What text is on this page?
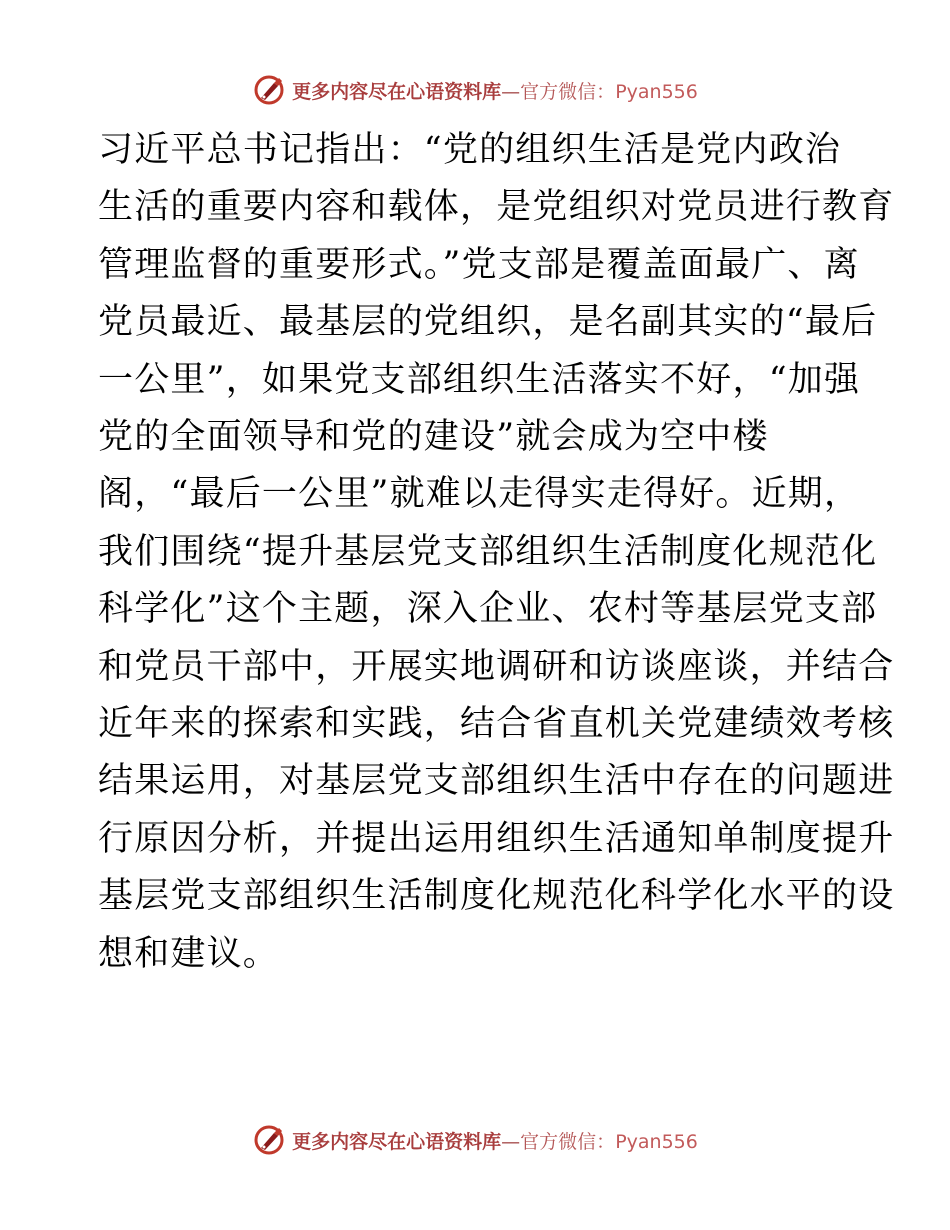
更多内容尽在心语资料库—官方微信：Pyan556

习近平总书记指出：“党的组织生活是党内政治
生活的重要内容和载体，是党组织对党员进行教育
管理监督的重要形式。”党支部是覆盖面最广、离
党员最近、最基层的党组织，是名副其实的“最后
一公里”，如果党支部组织生活落实不好，“加强
党的全面领导和党的建设”就会成为空中楼
阁，“最后一公里”就难以走得实走得好。近期，
我们围绕“提升基层党支部组织生活制度化规范化
科学化”这个主题，深入企业、农村等基层党支部
和党员干部中，开展实地调研和访谈座谈，并结合
近年来的探索和实践，结合省直机关党建绩效考核
结果运用，对基层党支部组织生活中存在的问题进
行原因分析，并提出运用组织生活通知单制度提升
基层党支部组织生活制度化规范化科学化水平的设
想和建议。

更多内容尽在心语资料库—官方微信：Pyan556
